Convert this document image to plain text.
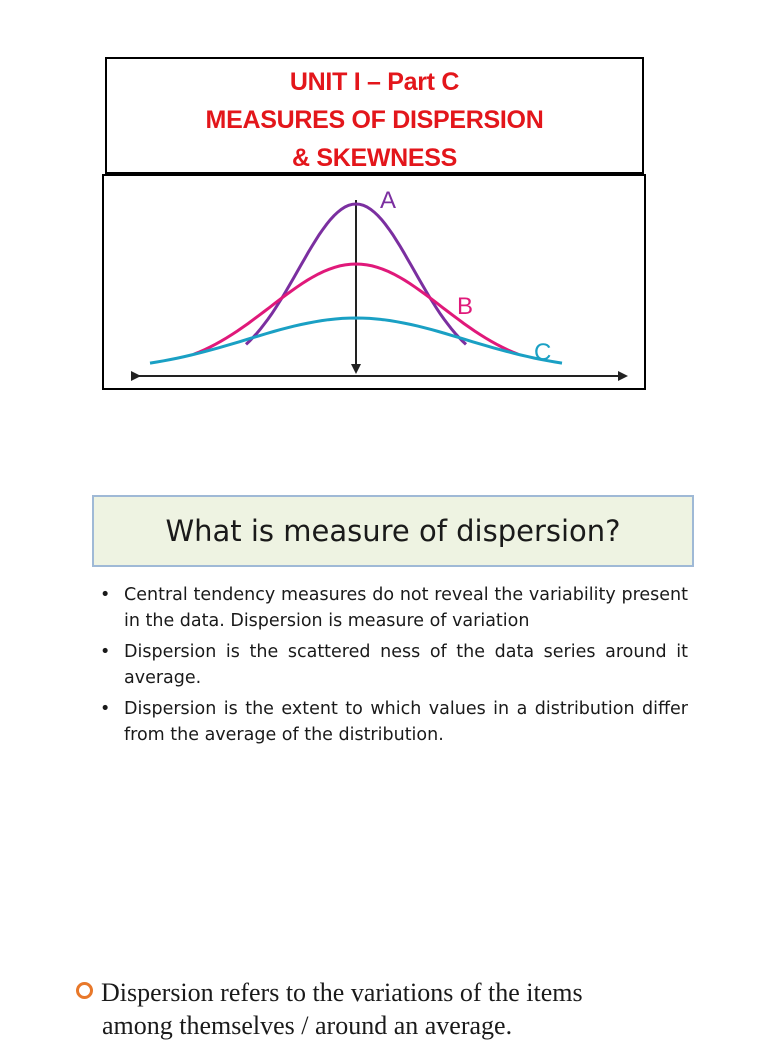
UNIT I – Part C
MEASURES OF DISPERSION
& SKEWNESS
A
B
C
What is measure of dispersion?
• Central tendency measures do not reveal the variability present in the data. Dispersion is measure of variation
• Dispersion is the scattered ness of the data series around it average.
• Dispersion is the extent to which values in a distribution differ from the average of the distribution.
Dispersion refers to the variations of the items
among themselves / around an average.
